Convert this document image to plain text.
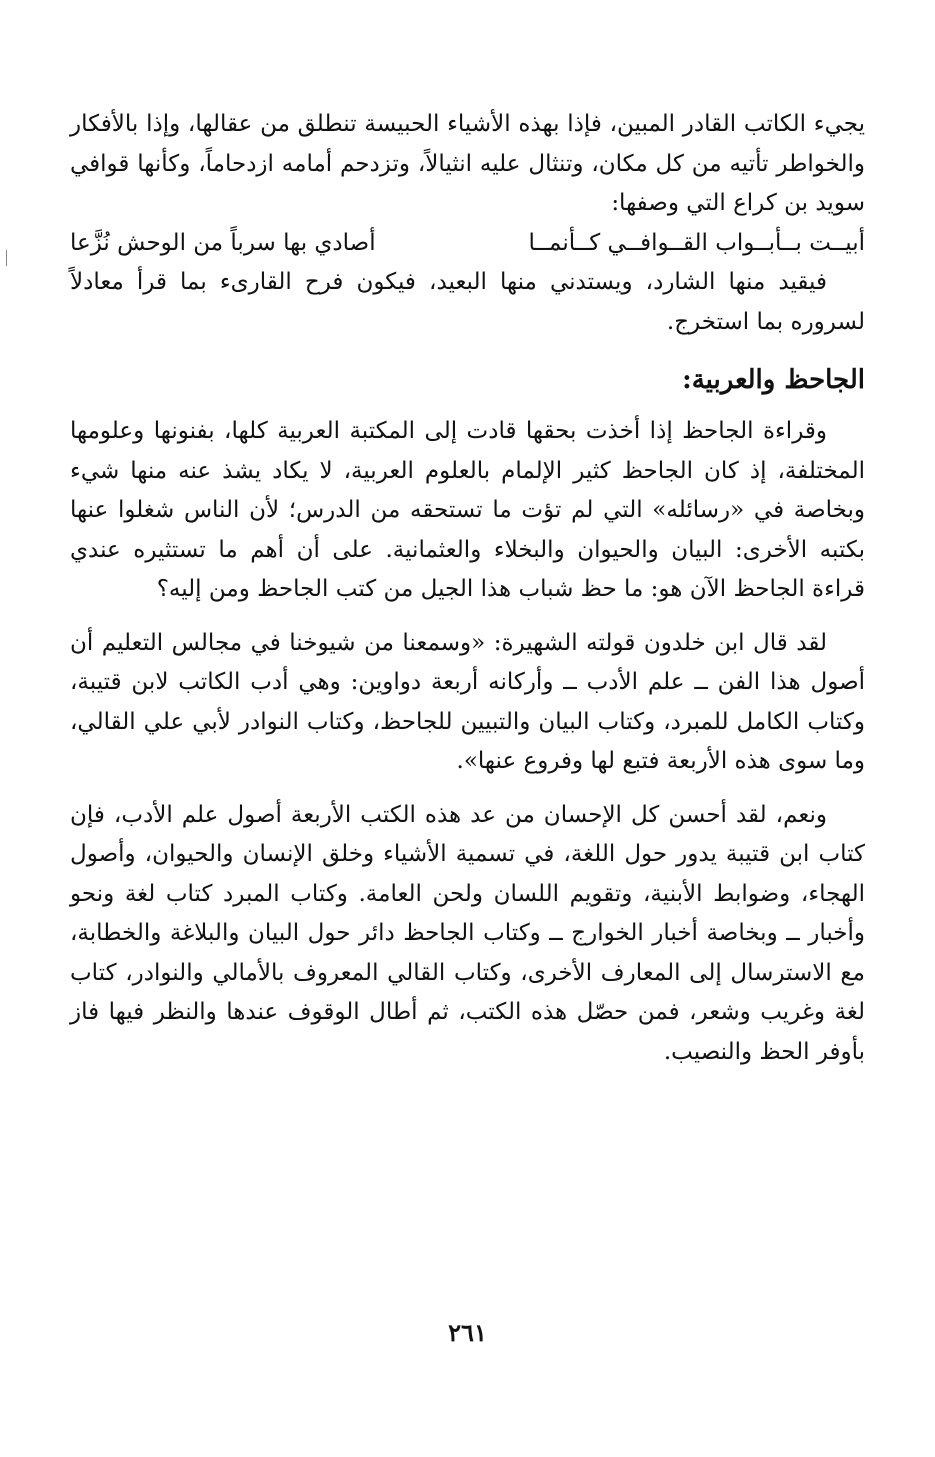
يجيء الكاتب القادر المبين، فإذا بهذه الأشياء الحبيسة تنطلق من عقالها، وإذا بالأفكار والخواطر تأتيه من كل مكان، وتنثال عليه انثيالاً، وتزدحم أمامه ازدحاماً، وكأنها قوافي سويد بن كراع التي وصفها:

أبيــت بــأبــواب القــوافــي كــأنمــا
أصادي بها سرباً من الوحش نُزَّعا

فيقيد منها الشارد، ويستدني منها البعيد، فيكون فرح القارىء بما قرأ معادلاً لسروره بما استخرج.

الجاحظ والعربية:

وقراءة الجاحظ إذا أخذت بحقها قادت إلى المكتبة العربية كلها، بفنونها وعلومها المختلفة، إذ كان الجاحظ كثير الإلمام بالعلوم العربية، لا يكاد يشذ عنه منها شيء وبخاصة في «رسائله» التي لم تؤت ما تستحقه من الدرس؛ لأن الناس شغلوا عنها بكتبه الأخرى: البيان والحيوان والبخلاء والعثمانية. على أن أهم ما تستثيره عندي قراءة الجاحظ الآن هو: ما حظ شباب هذا الجيل من كتب الجاحظ ومن إليه؟

لقد قال ابن خلدون قولته الشهيرة: «وسمعنا من شيوخنا في مجالس التعليم أن أصول هذا الفن ــ علم الأدب ــ وأركانه أربعة دواوين: وهي أدب الكاتب لابن قتيبة، وكتاب الكامل للمبرد، وكتاب البيان والتبيين للجاحظ، وكتاب النوادر لأبي علي القالي، وما سوى هذه الأربعة فتبع لها وفروع عنها».

ونعم، لقد أحسن كل الإحسان من عد هذه الكتب الأربعة أصول علم الأدب، فإن كتاب ابن قتيبة يدور حول اللغة، في تسمية الأشياء وخلق الإنسان والحيوان، وأصول الهجاء، وضوابط الأبنية، وتقويم اللسان ولحن العامة. وكتاب المبرد كتاب لغة ونحو وأخبار ــ وبخاصة أخبار الخوارج ــ وكتاب الجاحظ دائر حول البيان والبلاغة والخطابة، مع الاسترسال إلى المعارف الأخرى، وكتاب القالي المعروف بالأمالي والنوادر، كتاب لغة وغريب وشعر، فمن حصّل هذه الكتب، ثم أطال الوقوف عندها والنظر فيها فاز بأوفر الحظ والنصيب.

٢٦١
